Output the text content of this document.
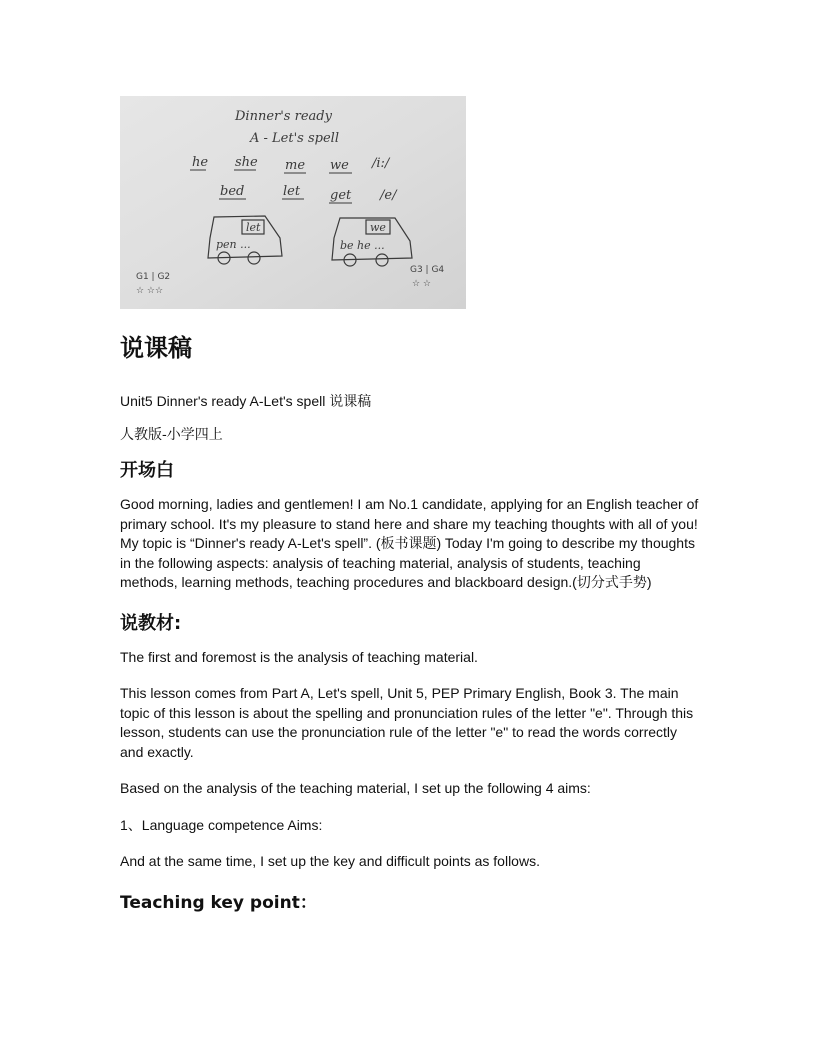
Dinner's ready
A - Let's spell
he she me we /i:/
bed	let get /e/
let
pen ...
we
be he ...
G1 | G2
G3 | G4
☆ ☆☆
☆ ☆
说课稿

Unit5 Dinner's ready A-Let's spell 说课稿

人教版-小学四上

开场白

Good morning, ladies and gentlemen! I am No.1 candidate, applying for an English teacher of primary school. It's my pleasure to stand here and share my teaching thoughts with all of you! My topic is “Dinner's ready A-Let's spell”. (板书课题) Today I'm going to describe my thoughts in the following aspects: analysis of teaching material, analysis of students, teaching methods, learning methods, teaching procedures and blackboard design.(切分式手势)

说教材:

The first and foremost is the analysis of teaching material.

This lesson comes from Part A, Let's spell, Unit 5, PEP Primary English, Book 3. The main topic of this lesson is about the spelling and pronunciation rules of the letter "e". Through this lesson, students can use the pronunciation rule of the letter "e" to read the words correctly and exactly.

Based on the analysis of the teaching material, I set up the following 4 aims:

1、Language competence Aims:

And at the same time, I set up the key and difficult points as follows.

Teaching key point：
